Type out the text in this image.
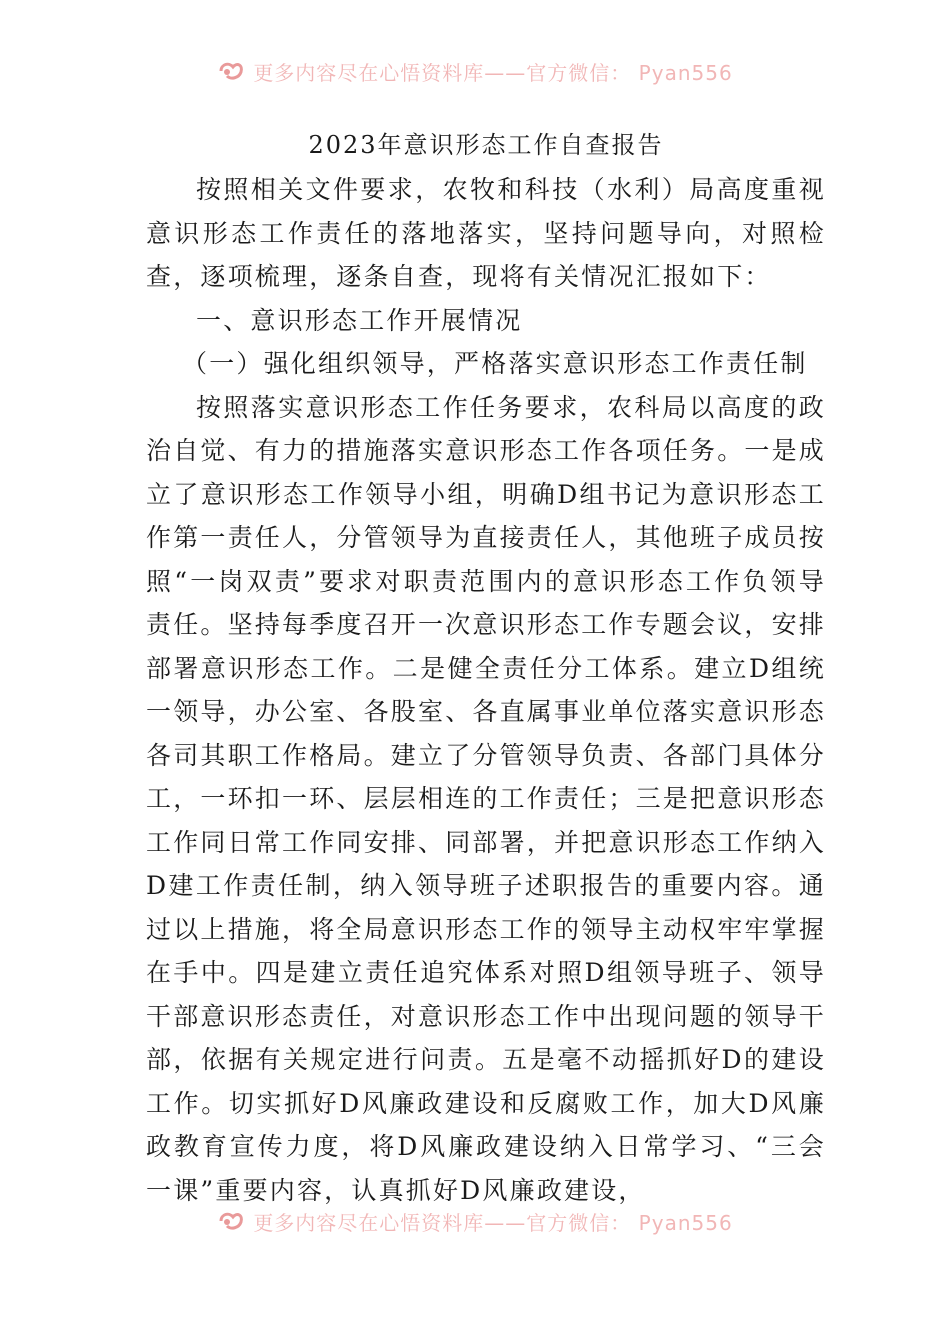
更多内容尽在心悟资料库——官方微信： Pyan556
2023年意识形态工作自查报告

按照相关文件要求，农牧和科技（水利）局高度重视意识形态工作责任的落地落实，坚持问题导向，对照检查，逐项梳理，逐条自查，现将有关情况汇报如下：

一、意识形态工作开展情况

（一）强化组织领导，严格落实意识形态工作责任制

按照落实意识形态工作任务要求，农科局以高度的政治自觉、有力的措施落实意识形态工作各项任务。一是成立了意识形态工作领导小组，明确D组书记为意识形态工作第一责任人，分管领导为直接责任人，其他班子成员按照“一岗双责”要求对职责范围内的意识形态工作负领导责任。坚持每季度召开一次意识形态工作专题会议，安排部署意识形态工作。二是健全责任分工体系。建立D组统一领导，办公室、各股室、各直属事业单位落实意识形态各司其职工作格局。建立了分管领导负责、各部门具体分工，一环扣一环、层层相连的工作责任；三是把意识形态工作同日常工作同安排、同部署，并把意识形态工作纳入D建工作责任制，纳入领导班子述职报告的重要内容。通过以上措施，将全局意识形态工作的领导主动权牢牢掌握在手中。四是建立责任追究体系对照D组领导班子、领导干部意识形态责任，对意识形态工作中出现问题的领导干部，依据有关规定进行问责。五是毫不动摇抓好D的建设工作。切实抓好D风廉政建设和反腐败工作，加大D风廉政教育宣传力度，将D风廉政建设纳入日常学习、“三会一课”重要内容，认真抓好D风廉政建设，

更多内容尽在心悟资料库——官方微信： Pyan556
